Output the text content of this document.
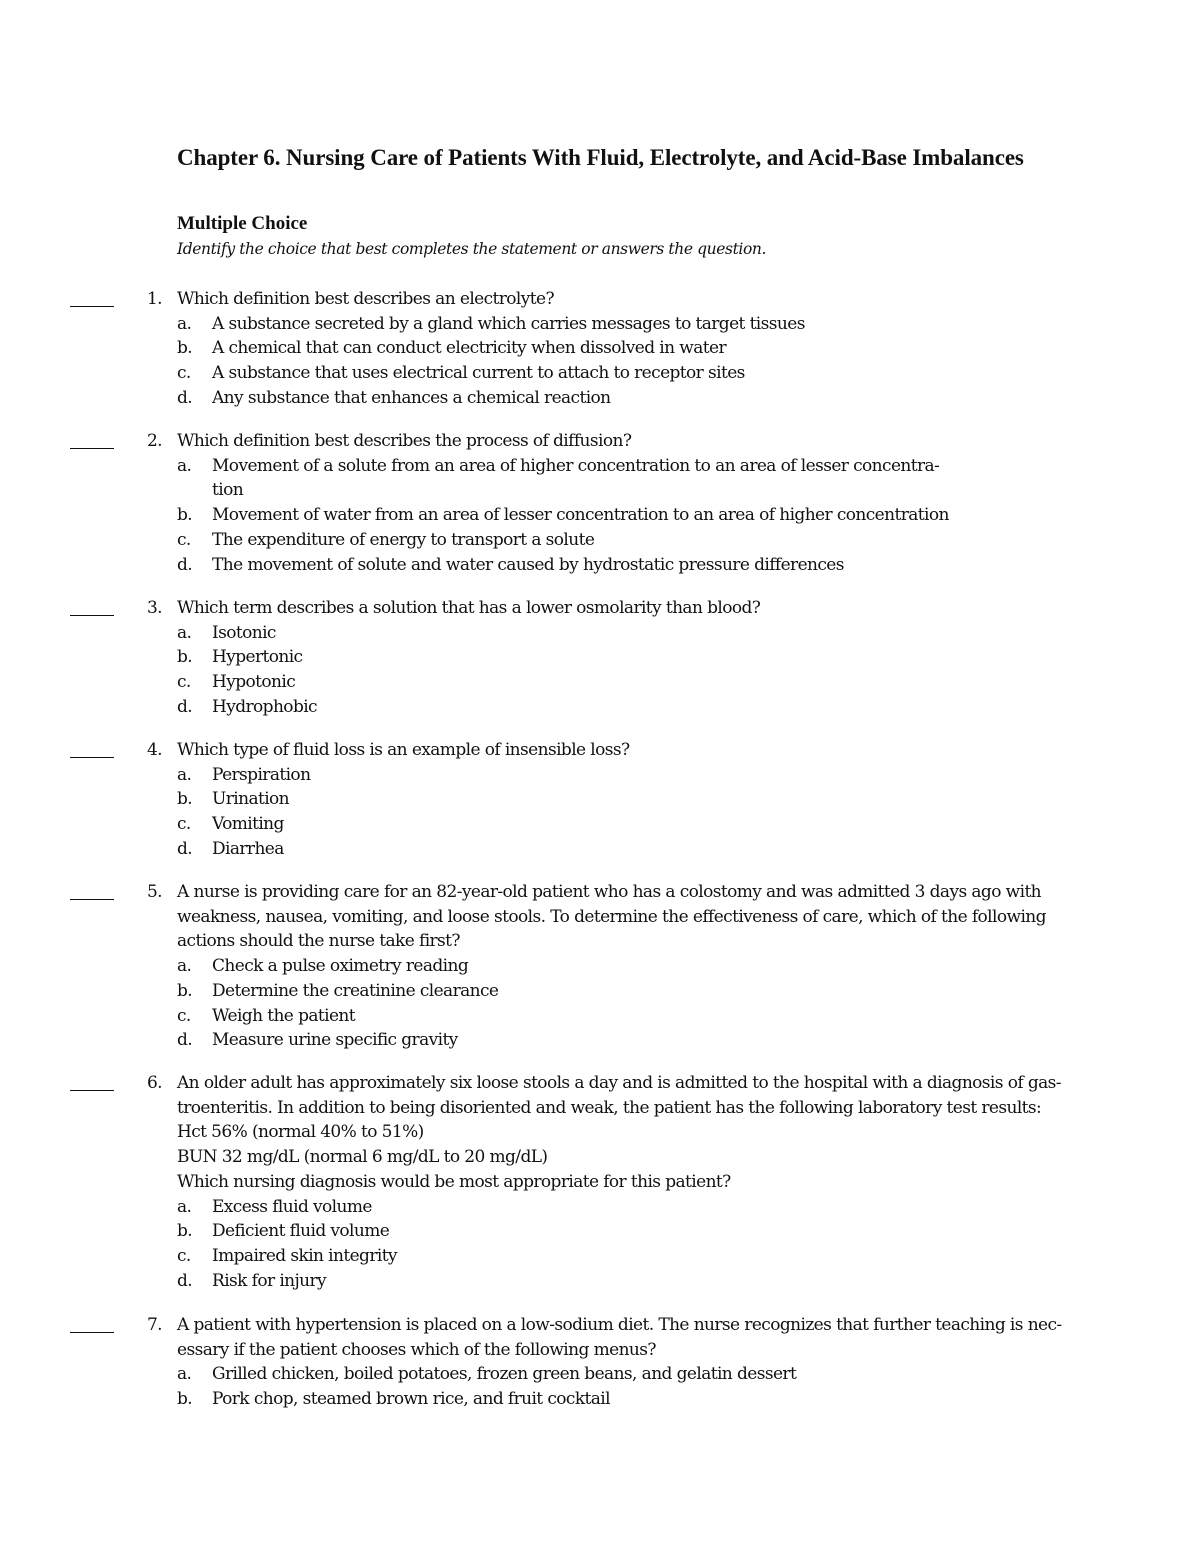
Chapter 6. Nursing Care of Patients With Fluid, Electrolyte, and Acid-Base Imbalances
Multiple Choice
Identify the choice that best completes the statement or answers the question.
1. Which definition best describes an electrolyte?
a. A substance secreted by a gland which carries messages to target tissues
b. A chemical that can conduct electricity when dissolved in water
c. A substance that uses electrical current to attach to receptor sites
d. Any substance that enhances a chemical reaction
2. Which definition best describes the process of diffusion?
a. Movement of a solute from an area of higher concentration to an area of lesser concentra-
tion
b. Movement of water from an area of lesser concentration to an area of higher concentration
c. The expenditure of energy to transport a solute
d. The movement of solute and water caused by hydrostatic pressure differences
3. Which term describes a solution that has a lower osmolarity than blood?
a. Isotonic
b. Hypertonic
c. Hypotonic
d. Hydrophobic
4. Which type of fluid loss is an example of insensible loss?
a. Perspiration
b. Urination
c. Vomiting
d. Diarrhea
5. A nurse is providing care for an 82-year-old patient who has a colostomy and was admitted 3 days ago with
weakness, nausea, vomiting, and loose stools. To determine the effectiveness of care, which of the following
actions should the nurse take first?
a. Check a pulse oximetry reading
b. Determine the creatinine clearance
c. Weigh the patient
d. Measure urine specific gravity
6. An older adult has approximately six loose stools a day and is admitted to the hospital with a diagnosis of gas-
troenteritis. In addition to being disoriented and weak, the patient has the following laboratory test results:
Hct 56% (normal 40% to 51%)
BUN 32 mg/dL (normal 6 mg/dL to 20 mg/dL)
Which nursing diagnosis would be most appropriate for this patient?
a. Excess fluid volume
b. Deficient fluid volume
c. Impaired skin integrity
d. Risk for injury
7. A patient with hypertension is placed on a low-sodium diet. The nurse recognizes that further teaching is nec-
essary if the patient chooses which of the following menus?
a. Grilled chicken, boiled potatoes, frozen green beans, and gelatin dessert
b. Pork chop, steamed brown rice, and fruit cocktail
